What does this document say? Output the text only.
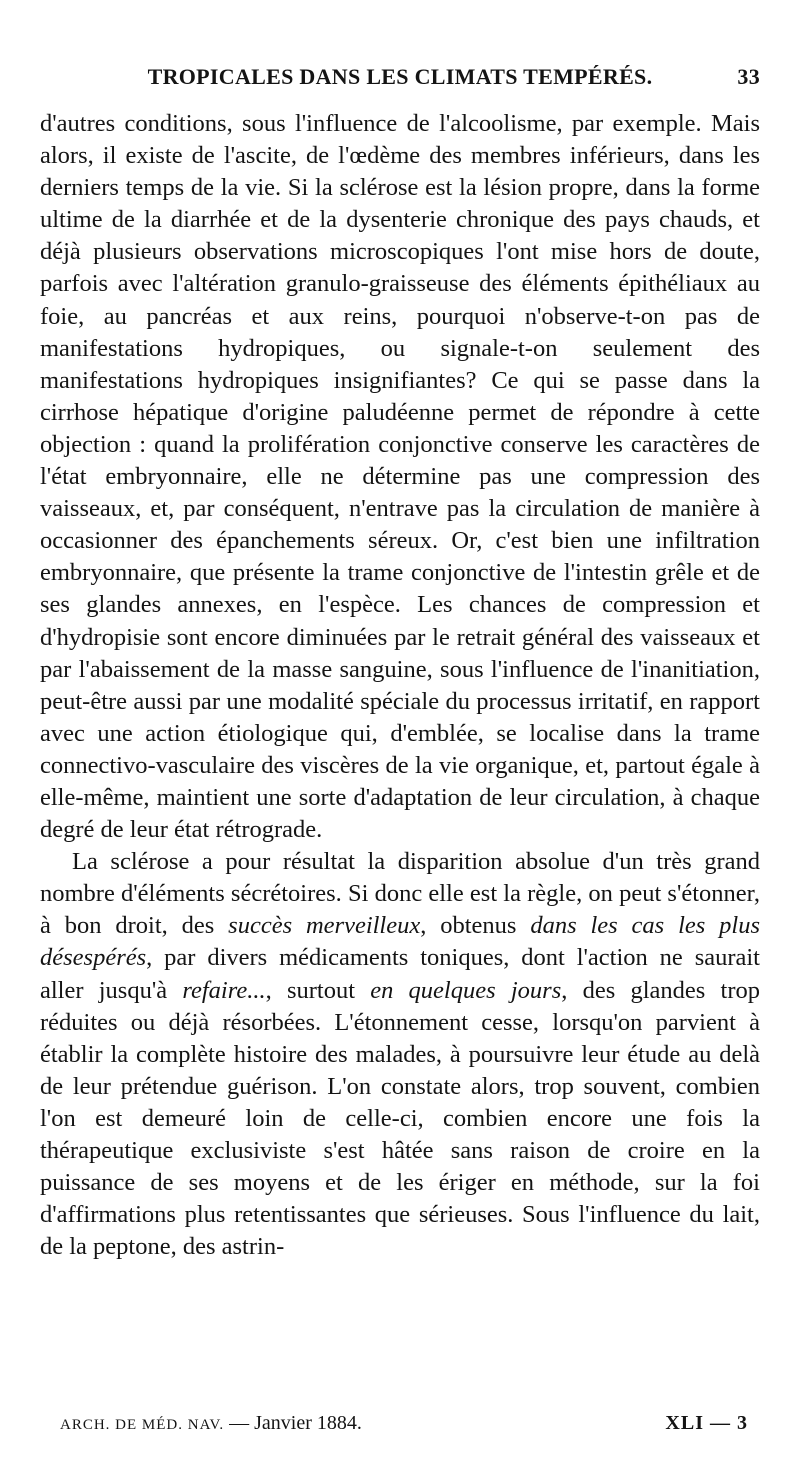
TROPICALES DANS LES CLIMATS TEMPÉRÉS.	33

d'autres conditions, sous l'influence de l'alcoolisme, par exemple. Mais alors, il existe de l'ascite, de l'œdème des membres inférieurs, dans les derniers temps de la vie. Si la sclérose est la lésion propre, dans la forme ultime de la diarrhée et de la dysenterie chronique des pays chauds, et déjà plusieurs observations microscopiques l'ont mise hors de doute, parfois avec l'altération granulo-graisseuse des éléments épithéliaux au foie, au pancréas et aux reins, pourquoi n'observe-t-on pas de manifestations hydropiques, ou signale-t-on seulement des manifestations hydropiques insignifiantes? Ce qui se passe dans la cirrhose hépatique d'origine paludéenne permet de répondre à cette objection : quand la prolifération conjonctive conserve les caractères de l'état embryonnaire, elle ne détermine pas une compression des vaisseaux, et, par conséquent, n'entrave pas la circulation de manière à occasionner des épanchements séreux. Or, c'est bien une infiltration embryonnaire, que présente la trame conjonctive de l'intestin grêle et de ses glandes annexes, en l'espèce. Les chances de compression et d'hydropisie sont encore diminuées par le retrait général des vaisseaux et par l'abaissement de la masse sanguine, sous l'influence de l'inanitiation, peut-être aussi par une modalité spéciale du processus irritatif, en rapport avec une action étiologique qui, d'emblée, se localise dans la trame connectivo-vasculaire des viscères de la vie organique, et, partout égale à elle-même, maintient une sorte d'adaptation de leur circulation, à chaque degré de leur état rétrograde.

La sclérose a pour résultat la disparition absolue d'un très grand nombre d'éléments sécrétoires. Si donc elle est la règle, on peut s'étonner, à bon droit, des succès merveilleux, obtenus dans les cas les plus désespérés, par divers médicaments toniques, dont l'action ne saurait aller jusqu'à refaire..., surtout en quelques jours, des glandes trop réduites ou déjà résorbées. L'étonnement cesse, lorsqu'on parvient à établir la complète histoire des malades, à poursuivre leur étude au delà de leur prétendue guérison. L'on constate alors, trop souvent, combien l'on est demeuré loin de celle-ci, combien encore une fois la thérapeutique exclusiviste s'est hâtée sans raison de croire en la puissance de ses moyens et de les ériger en méthode, sur la foi d'affirmations plus retentissantes que sérieuses. Sous l'influence du lait, de la peptone, des astrin-

ARCH. DE MÉD. NAV. — Janvier 1884.	XLI — 3
